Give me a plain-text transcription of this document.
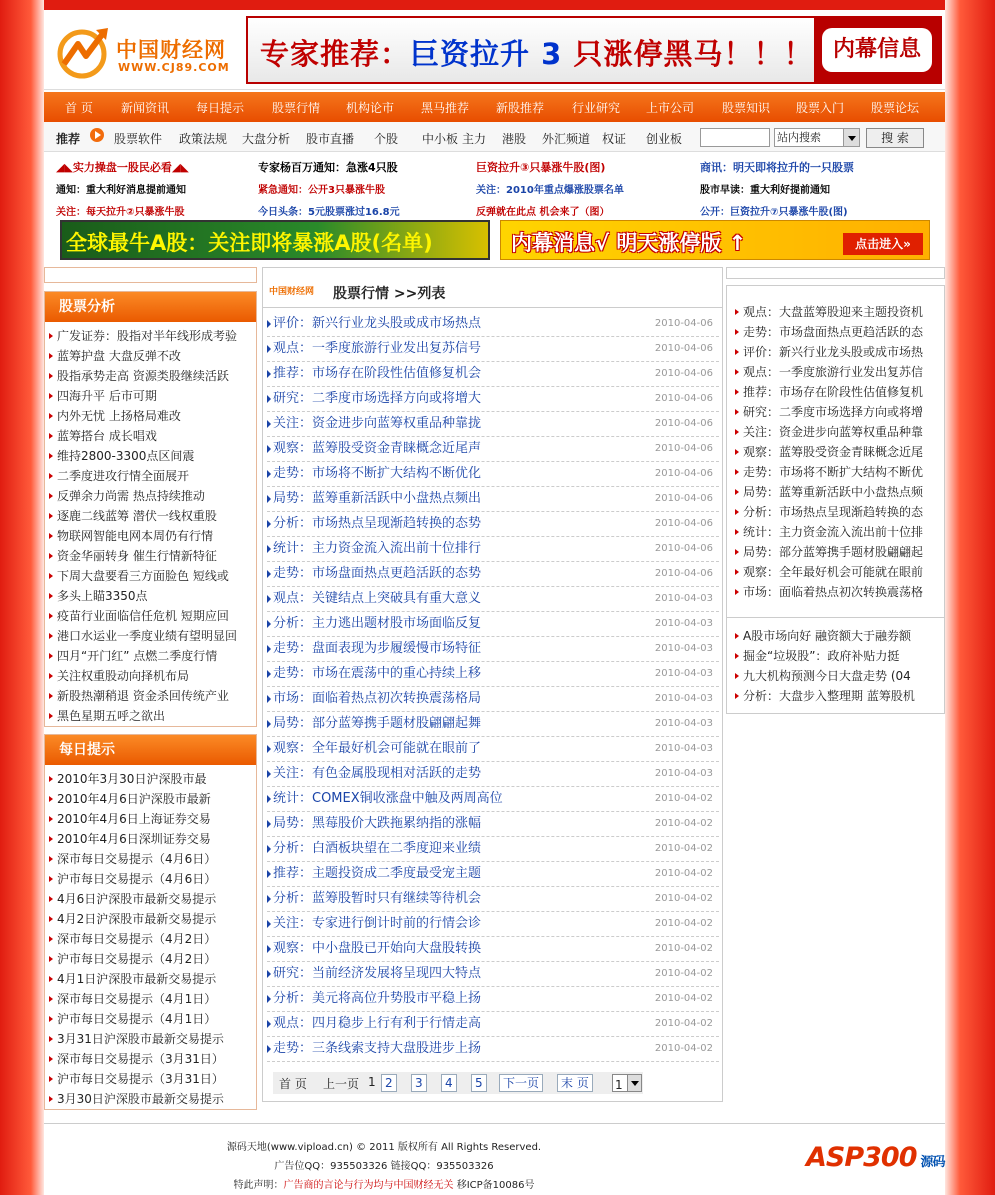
中国财经网
WWW.CJ89.COM 专家推荐：巨资拉升 3 只涨停黑马！！！ 内幕信息
首 页 新闻资讯 每日提示 股票行情 机构论市 黑马推荐 新股推荐 行业研究 上市公司 股票知识 股票入门 股票论坛
推荐	站内搜索	搜 索
股票软件 政策法规 大盘分析 股市直播 个股 中小板 主力 港股 外汇频道 权证 创业板
◢◣实力操盘一股民必看◢◣	专家杨百万通知：急涨4只股	巨资拉升③只暴涨牛股(图)	商讯：明天即将拉升的一只股票
通知：重大利好消息提前通知	紧急通知：公开3只暴涨牛股	关注：2010年重点爆涨股票名单	股市早读：重大利好提前通知
关注：每天拉升②只暴涨牛股	今日头条：5元股票涨过16.8元	反弹就在此点 机会来了（图）	公开：巨资拉升⑦只暴涨牛股(图)
全球最牛A股：关注即将暴涨A股(名单)	内幕消息√ 明天涨停版 ↑	点击进入»
股票分析
广发证券：股指对半年线形成考验
蓝筹护盘 大盘反弹不改
股指承势走高 资源类股继续活跃
四海升平 后市可期
内外无忧 上扬格局难改
蓝筹搭台 成长唱戏
维持2800-3300点区间震
二季度进攻行情全面展开
反弹余力尚需 热点持续推动
逐鹿二线蓝筹 潜伏一线权重股
物联网智能电网本周仍有行情
资金华丽转身 催生行情新特征
下周大盘要看三方面脸色 短线或
多头上瞄3350点
疫苗行业面临信任危机 短期应回
港口水运业一季度业绩有望明显回
四月“开门红” 点燃二季度行情
关注权重股动向择机布局
新股热潮稍退 资金杀回传统产业
黑色星期五呼之欲出
每日提示
2010年3月30日沪深股市最
2010年4月6日沪深股市最新
2010年4月6日上海证券交易
2010年4月6日深圳证券交易
深市每日交易提示（4月6日）
沪市每日交易提示（4月6日）
4月6日沪深股市最新交易提示
4月2日沪深股市最新交易提示
深市每日交易提示（4月2日）
沪市每日交易提示（4月2日）
4月1日沪深股市最新交易提示
深市每日交易提示（4月1日）
沪市每日交易提示（4月1日）
3月31日沪深股市最新交易提示
深市每日交易提示（3月31日）
沪市每日交易提示（3月31日）
3月30日沪深股市最新交易提示
中国财经网	股票行情 >>列表
评价：新兴行业龙头股或成市场热点	2010-04-06
观点：一季度旅游行业发出复苏信号	2010-04-06
推荐：市场存在阶段性估值修复机会	2010-04-06
研究：二季度市场选择方向或将增大	2010-04-06
关注：资金进步向蓝筹权重品种靠拢	2010-04-06
观察：蓝筹股受资金青睐概念近尾声	2010-04-06
走势：市场将不断扩大结构不断优化	2010-04-06
局势：蓝筹重新活跃中小盘热点频出	2010-04-06
分析：市场热点呈现渐趋转换的态势	2010-04-06
统计：主力资金流入流出前十位排行	2010-04-06
走势：市场盘面热点更趋活跃的态势	2010-04-06
观点：关键结点上突破具有重大意义	2010-04-03
分析：主力逃出题材股市场面临反复	2010-04-03
走势：盘面表现为步履缓慢市场特征	2010-04-03
走势：市场在震荡中的重心持续上移	2010-04-03
市场：面临着热点初次转换震荡格局	2010-04-03
局势：部分蓝筹携手题材股翩翩起舞	2010-04-03
观察：全年最好机会可能就在眼前了	2010-04-03
关注：有色金属股现相对活跃的走势	2010-04-03
统计：COMEX铜收涨盘中触及两周高位	2010-04-02
局势：黑莓股价大跌拖累纳指的涨幅	2010-04-02
分析：白酒板块望在二季度迎来业绩	2010-04-02
推荐：主题投资成二季度最受宠主题	2010-04-02
分析：蓝筹股暂时只有继续等待机会	2010-04-02
关注：专家进行倒计时前的行情会诊	2010-04-02
观察：中小盘股已开始向大盘股转换	2010-04-02
研究：当前经济发展将呈现四大特点	2010-04-02
分析：美元将高位升势股市平稳上扬	2010-04-02
观点：四月稳步上行有利于行情走高	2010-04-02
走势：三条线索支持大盘股进步上扬	2010-04-02
首 页 上一页 1 2	3	4	5	下一页	末 页	1
观点：大盘蓝筹股迎来主题投资机
走势：市场盘面热点更趋活跃的态
评价：新兴行业龙头股或成市场热
观点：一季度旅游行业发出复苏信
推荐：市场存在阶段性估值修复机
研究：二季度市场选择方向或将增
关注：资金进步向蓝筹权重品种靠
观察：蓝筹股受资金青睐概念近尾
走势：市场将不断扩大结构不断优
局势：蓝筹重新活跃中小盘热点频
分析：市场热点呈现渐趋转换的态
统计：主力资金流入流出前十位排
局势：部分蓝筹携手题材股翩翩起
观察：全年最好机会可能就在眼前
市场：面临着热点初次转换震荡格
A股市场向好 融资额大于融券额
掘金“垃圾股”：政府补贴力挺
九大机构预测今日大盘走势 (04
分析：大盘步入整理期 蓝筹股机
源码天地(www.vipload.cn) © 2011 版权所有 All Rights Reserved.
广告位QQ：935503326 链接QQ：935503326
特此声明：广告商的言论与行为均与中国财经无关 移ICP备10086号
ASP300 源码
